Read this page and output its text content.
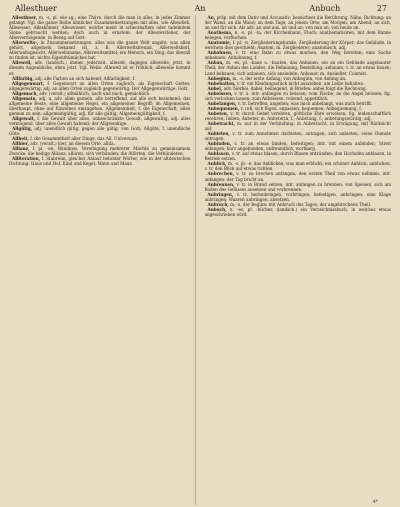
Allesthuer	An	Anbuch	27

Allesthuer, m. -s, pl. wie sg.; eine Thüre, durch die man in alles, in jedes Zimmer gelangt. Vgl. die ganze Reihe ähnlicher Zusammensetzungen mit alles, wie Allesdieb, Allesesser, Alleskönner, Alleswisser, welche meist in scherzhaftem oder tadelndem Sinne gebraucht werden; doch auch in ernstem: der Allesversteher, der Allesvermögende, in Bezug auf Gott.

Allerwelts-, in Zusammensetzungen, alles was die ganze Welt angeht, was allen gehört, allgemein bekannt ist, z. B. Allerweltsfreund, Allerweltskerl, Allerweltsgesicht, Allerweltsname, Allerweltsmittel; ein Mensch, ein Ding, das überall zu finden ist, nichts Eigenthümliches hat.

Alleweil, adv. (landsch.) immer, jederzeit, allezeit; dagegen alleweile, jetzt, in diesem Augenblicke, eben jetzt. Vgl. Weile. Alleweil ist er fröhlich; alleweile kommt er.

Allfarbig, adj. alle Farben an sich habend; Allfarbigkeit, f.

Allgegenwart, f. Gegenwart an allen Orten zugleich, als Eigenschaft Gottes; allgegenwärtig, adj. an allen Orten zugleich gegenwärtig. Der Allgegenwärtige, Gott.

Allgemach, adv. (veralt.) allmählich, nach und nach, gemächlich.

Allgemein, adj. u. adv. allen gemein, alle betreffend, auf alle sich beziehend: das allgemeine Beste, eine allgemeine Regel, ein allgemeiner Begriff; im Allgemeinen, überhaupt, ohne auf Einzelnes einzugehen. Allgemeinheit, f. die Eigenschaft, allen gemein zu sein; allgemeingültig, adj. für alle gültig; Allgemeingültigkeit, f.

Allgewalt, f. die Gewalt über alles, unbeschränkte Gewalt; allgewaltig, adj. alles vermögend, über alles Gewalt habend; der Allgewaltige.

Allgütig, adj. unendlich gütig, gegen alle gütig, von Gott; Allgüte, f. unendliche Güte.

Allheit, f. die Gesammtheit aller Dinge, das All, Universum.

Allhier, adv. (veralt.) hier, an diesem Orte, allda.

Allianz, f. pl. -en, Bündniss, Vereinigung mehrerer Mächte zu gemeinsamem Zwecke; die heilige Allianz; alliiren, sich verbünden; die Alliirten, die Verbündeten.

Alliteration, f. Stabreim, gleicher Anlaut betonter Wörter, wie in der altdeutschen Dichtung: Haus und Hof, Kind und Kegel, Mann und Maus.

An, präp. mit dem Dativ und Accusativ; bezeichnet die Berührung, Nähe, Richtung: an der Wand, an die Wand; an dem Tage, an jenem Orte; am Morgen, am Abend; an sich, an und für sich. Als adv. an und aus, ab und an; von nun an, von heute an.

Anathema, n. -s, pl. -ta, der Kirchenbann, Fluch; anathematisiren, mit dem Banne belegen, verfluchen.

Anatomie, f. pl. -n, Zergliederungskunde, Zergliederung der Körper; das Gebäude, in welchem dies geschieht; Anatom, m. Zergliederer; anatomisch, adj.

Anbahnen, v. tr. eine Bahn zu etwas machen, den Weg bereiten; eine Sache anbahnen; Anbahnung, f.

Anbau, m. -es, pl. -baue u. -bauten, das Anbauen; ein an ein Gebäude angebauter Theil; der Anbau des Landes, die Bebauung, Bestellung; anbauen, v. tr. an etwas bauen; Land bebauen; sich anbauen, sich ansiedeln; Anbauer, m. Ansiedler, Colonist.

Anbeginn, m. -s, der erste Anfang; von Anbeginn, von Anfang an.

Anbehalten, v. tr. ein Kleidungsstück nicht ausziehen, am Leibe behalten.

Anbei, adv. hierbei, dabei, beiliegend, in Briefen: anbei folgt die Rechnung.

Anbeissen, v. tr. u. intr. anfangen zu beissen; vom Fische, an die Angel beissen; fig. sich verlocken lassen; zum Anbeissen, reizend, appetitlich.

Anbelangen, v. tr. betreffen, angehen; was mich anbelangt, was mich betrifft.

Anbequemen, v. refl. sich fügen, anpassen, bequemen; Anbequemung, f.

Anbeten, v. tr. durch Gebet verehren, göttliche Ehre erweisen; fig. leidenschaftlich verehren, lieben; Anbeter, m. Anbeterin, f.; Anbetung, f.; anbetungswürdig, adj.

Anbetracht, m. nur in der Verbindung: in Anbetracht, in Erwägung, mit Rücksicht auf.

Anbieten, v. tr. zum Annehmen darbieten, antragen; sich anbieten, seine Dienste antragen.

Anbinden, v. tr. an etwas binden, befestigen; intr. mit einem anbinden, Streit anfangen; kurz angebunden, unfreundlich, wortkarg.

Anblasen, v. tr. auf etwas blasen, durch Blasen entzünden; den Hochofen anblasen, in Betrieb setzen.

Anblick, m. -s, pl. -e, das Anblicken; was man erblickt; ein schöner Anblick; anblicken, v. tr. den Blick auf etwas richten.

Anbrechen, v. tr. zu brechen anfangen, den ersten Theil von etwas nehmen; intr. anfangen: der Tag bricht an.

Anbrennen, v. tr. in Brand setzen; intr. anfangen zu brennen; von Speisen, sich am Boden des Gefässes ansetzen und verbrennen.

Anbringen, v. tr. herbeibringen, vorbringen; befestigen, anbringen; eine Klage anbringen; Waaren anbringen, absetzen.

Anbruch, m. -s, der Beginn: mit Anbruch des Tages; der angebrochene Theil.

Anbuch, n. -es, pl. -bücher, (landsch.) ein Verzeichnissbuch, in welches etwas angeschrieben wird.

4*
